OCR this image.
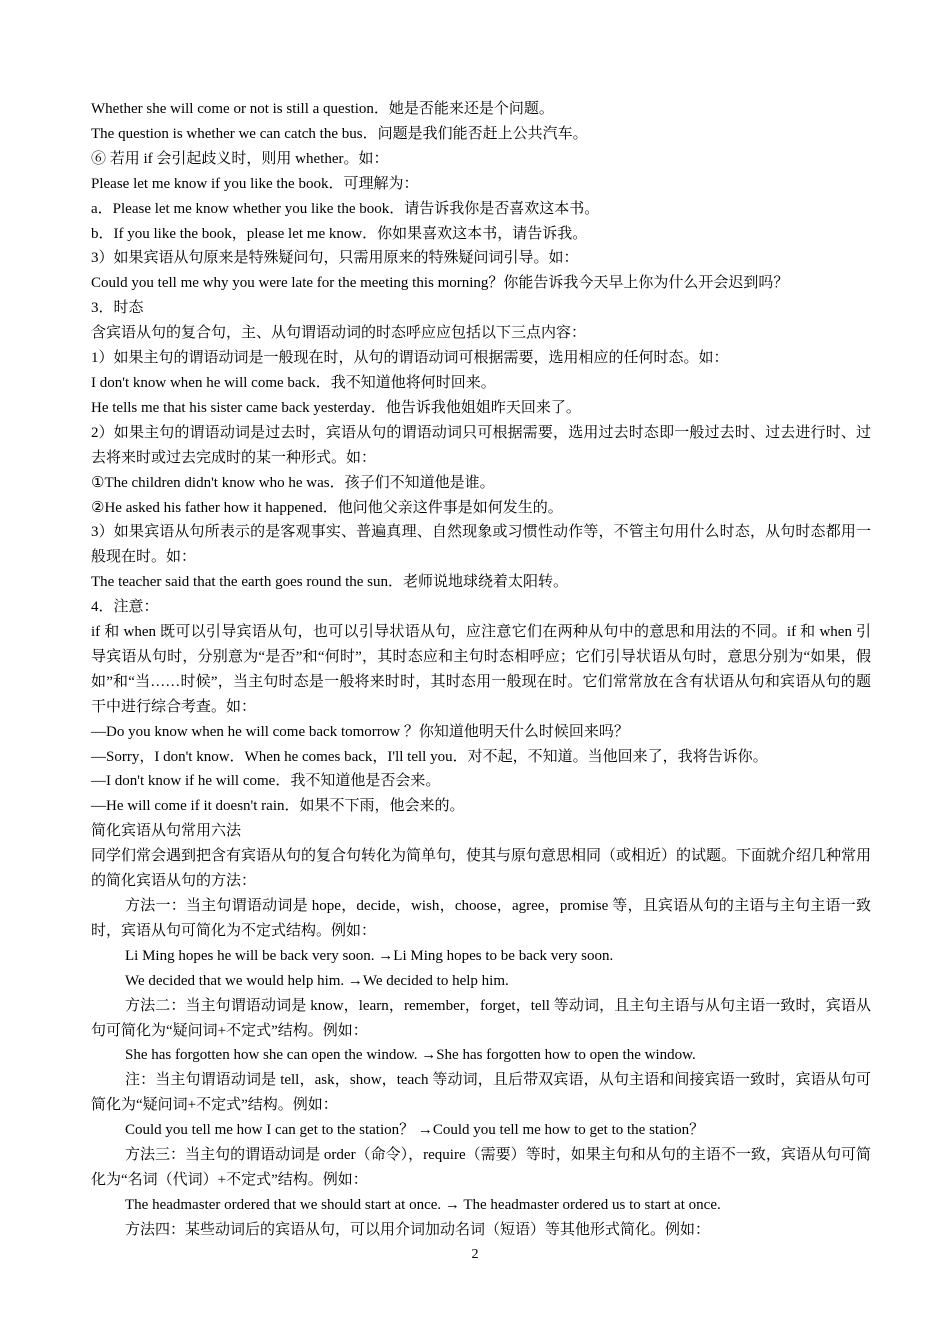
Whether she will come or not is still a question．她是否能来还是个问题。
The question is whether we can catch the bus．问题是我们能否赶上公共汽车。
⑥ 若用 if 会引起歧义时，则用 whether。如：
Please let me know if you like the book．可理解为：
a．Please let me know whether you like the book．请告诉我你是否喜欢这本书。
b．If you like the book，please let me know．你如果喜欢这本书，请告诉我。
3）如果宾语从句原来是特殊疑问句，只需用原来的特殊疑问词引导。如：
Could you tell me why you were late for the meeting this morning？你能告诉我今天早上你为什么开会迟到吗？
3．时态
含宾语从句的复合句，主、从句谓语动词的时态呼应应包括以下三点内容：
1）如果主句的谓语动词是一般现在时，从句的谓语动词可根据需要，选用相应的任何时态。如：
I don't know when he will come back．我不知道他将何时回来。
He tells me that his sister came back yesterday．他告诉我他姐姐昨天回来了。
2）如果主句的谓语动词是过去时，宾语从句的谓语动词只可根据需要，选用过去时态即一般过去时、过去进行时、过去将来时或过去完成时的某一种形式。如：
①The children didn't know who he was．孩子们不知道他是谁。
②He asked his father how it happened．他问他父亲这件事是如何发生的。
3）如果宾语从句所表示的是客观事实、普遍真理、自然现象或习惯性动作等，不管主句用什么时态，从句时态都用一般现在时。如：
The teacher said that the earth goes round the sun．老师说地球绕着太阳转。
4．注意：
if 和 when 既可以引导宾语从句，也可以引导状语从句，应注意它们在两种从句中的意思和用法的不同。if 和 when 引导宾语从句时，分别意为“是否”和“何时”，其时态应和主句时态相呼应；它们引导状语从句时，意思分别为“如果，假如”和“当……时候”，当主句时态是一般将来时时，其时态用一般现在时。它们常常放在含有状语从句和宾语从句的题干中进行综合考查。如：
—Do you know when he will come back tomorrow ？你知道他明天什么时候回来吗？
—Sorry，I don't know．When he comes back，I'll tell you．对不起，不知道。当他回来了，我将告诉你。
—I don't know if he will come．我不知道他是否会来。
—He will come if it doesn't rain．如果不下雨，他会来的。
简化宾语从句常用六法
同学们常会遇到把含有宾语从句的复合句转化为简单句，使其与原句意思相同（或相近）的试题。下面就介绍几种常用的简化宾语从句的方法：
方法一：当主句谓语动词是 hope，decide，wish，choose，agree，promise 等，且宾语从句的主语与主句主语一致时，宾语从句可简化为不定式结构。例如：
Li Ming hopes he will be back very soon. →Li Ming hopes to be back very soon.
We decided that we would help him. →We decided to help him.
方法二：当主句谓语动词是 know，learn，remember，forget，tell 等动词，且主句主语与从句主语一致时，宾语从句可简化为“疑问词+不定式”结构。例如：
She has forgotten how she can open the window. →She has forgotten how to open the window.
注：当主句谓语动词是 tell，ask，show，teach 等动词，且后带双宾语，从句主语和间接宾语一致时，宾语从句可简化为“疑问词+不定式”结构。例如：
Could you tell me how I can get to the station？ →Could you tell me how to get to the station？
方法三：当主句的谓语动词是 order（命令），require（需要）等时，如果主句和从句的主语不一致，宾语从句可简化为“名词（代词）+不定式”结构。例如：
The headmaster ordered that we should start at once. → The headmaster ordered us to start at once.
方法四：某些动词后的宾语从句，可以用介词加动名词（短语）等其他形式简化。例如：
2
